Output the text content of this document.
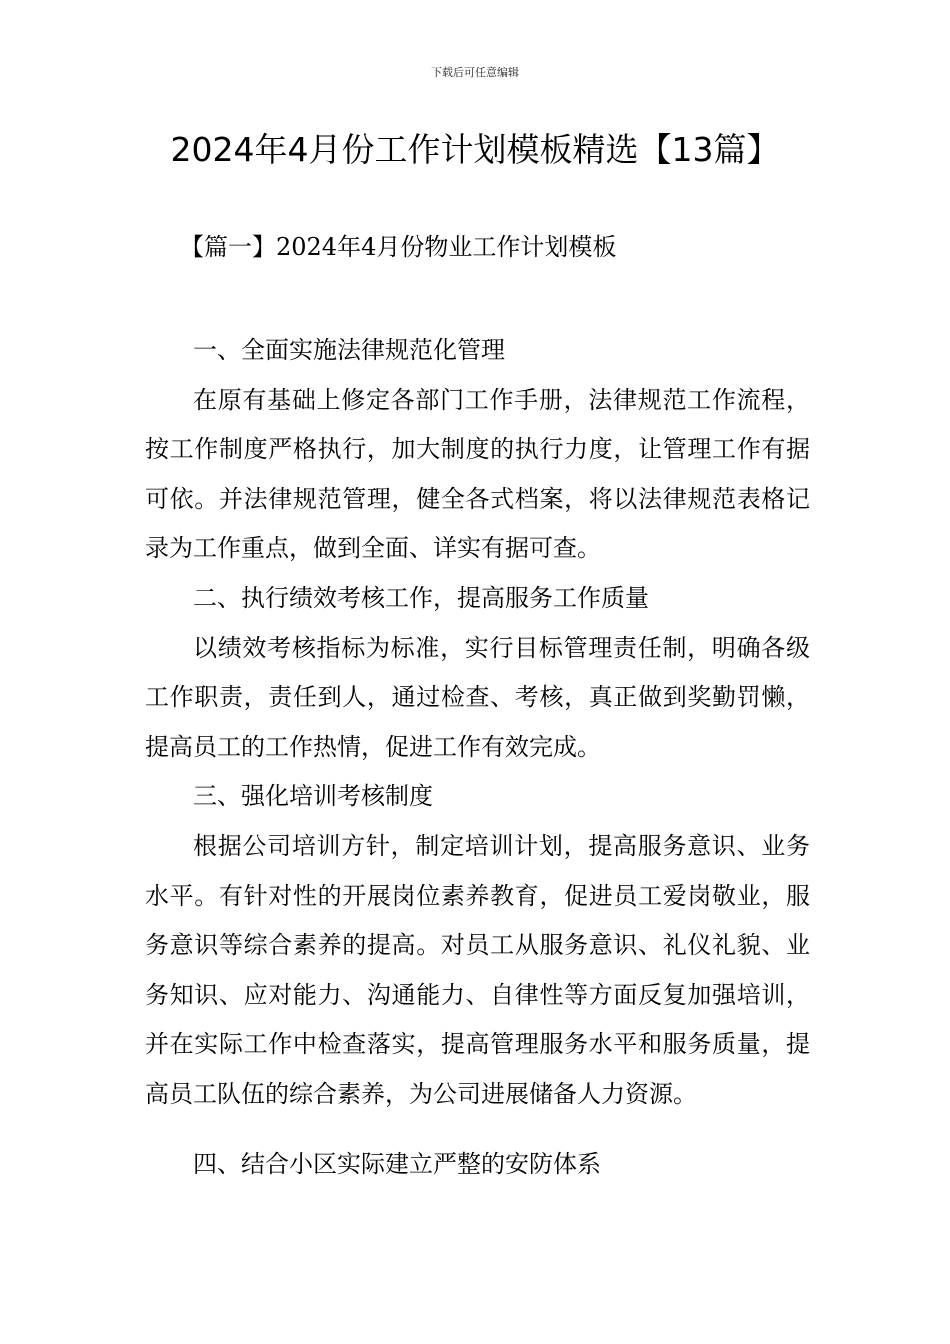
下载后可任意编辑
2024年4月份工作计划模板精选【13篇】
【篇一】2024年4月份物业工作计划模板

一、全面实施法律规范化管理

在原有基础上修定各部门工作手册，法律规范工作流程，按工作制度严格执行，加大制度的执行力度，让管理工作有据可依。并法律规范管理，健全各式档案，将以法律规范表格记录为工作重点，做到全面、详实有据可查。

二、执行绩效考核工作，提高服务工作质量

以绩效考核指标为标准，实行目标管理责任制，明确各级工作职责，责任到人，通过检查、考核，真正做到奖勤罚懒，提高员工的工作热情，促进工作有效完成。

三、强化培训考核制度

根据公司培训方针，制定培训计划，提高服务意识、业务水平。有针对性的开展岗位素养教育，促进员工爱岗敬业，服务意识等综合素养的提高。对员工从服务意识、礼仪礼貌、业务知识、应对能力、沟通能力、自律性等方面反复加强培训，并在实际工作中检查落实，提高管理服务水平和服务质量，提高员工队伍的综合素养，为公司进展储备人力资源。

四、结合小区实际建立严整的安防体系
